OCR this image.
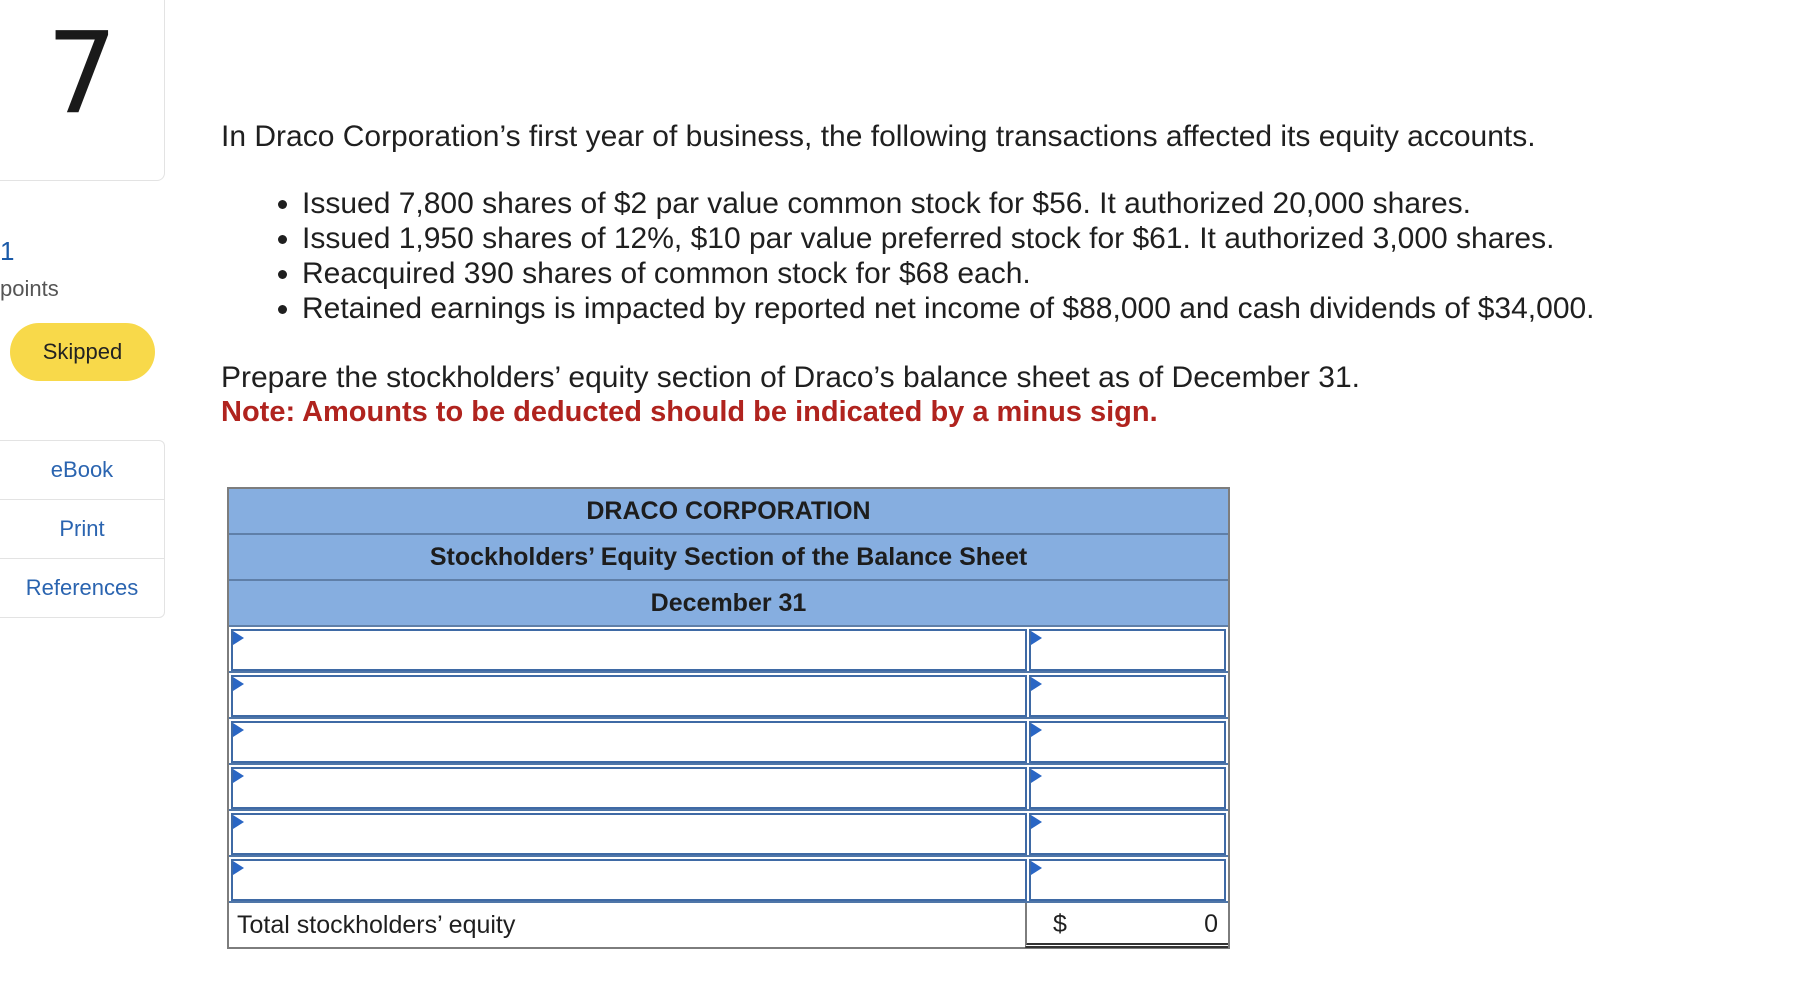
7
1
points
Skipped
eBook
Print
References
In Draco Corporation’s first year of business, the following transactions affected its equity accounts.
• Issued 7,800 shares of $2 par value common stock for $56. It authorized 20,000 shares.
• Issued 1,950 shares of 12%, $10 par value preferred stock for $61. It authorized 3,000 shares.
• Reacquired 390 shares of common stock for $68 each.
• Retained earnings is impacted by reported net income of $88,000 and cash dividends of $34,000.
Prepare the stockholders’ equity section of Draco’s balance sheet as of December 31.
Note: Amounts to be deducted should be indicated by a minus sign.
DRACO CORPORATION
Stockholders’ Equity Section of the Balance Sheet
December 31
Total stockholders’ equity	$	0
